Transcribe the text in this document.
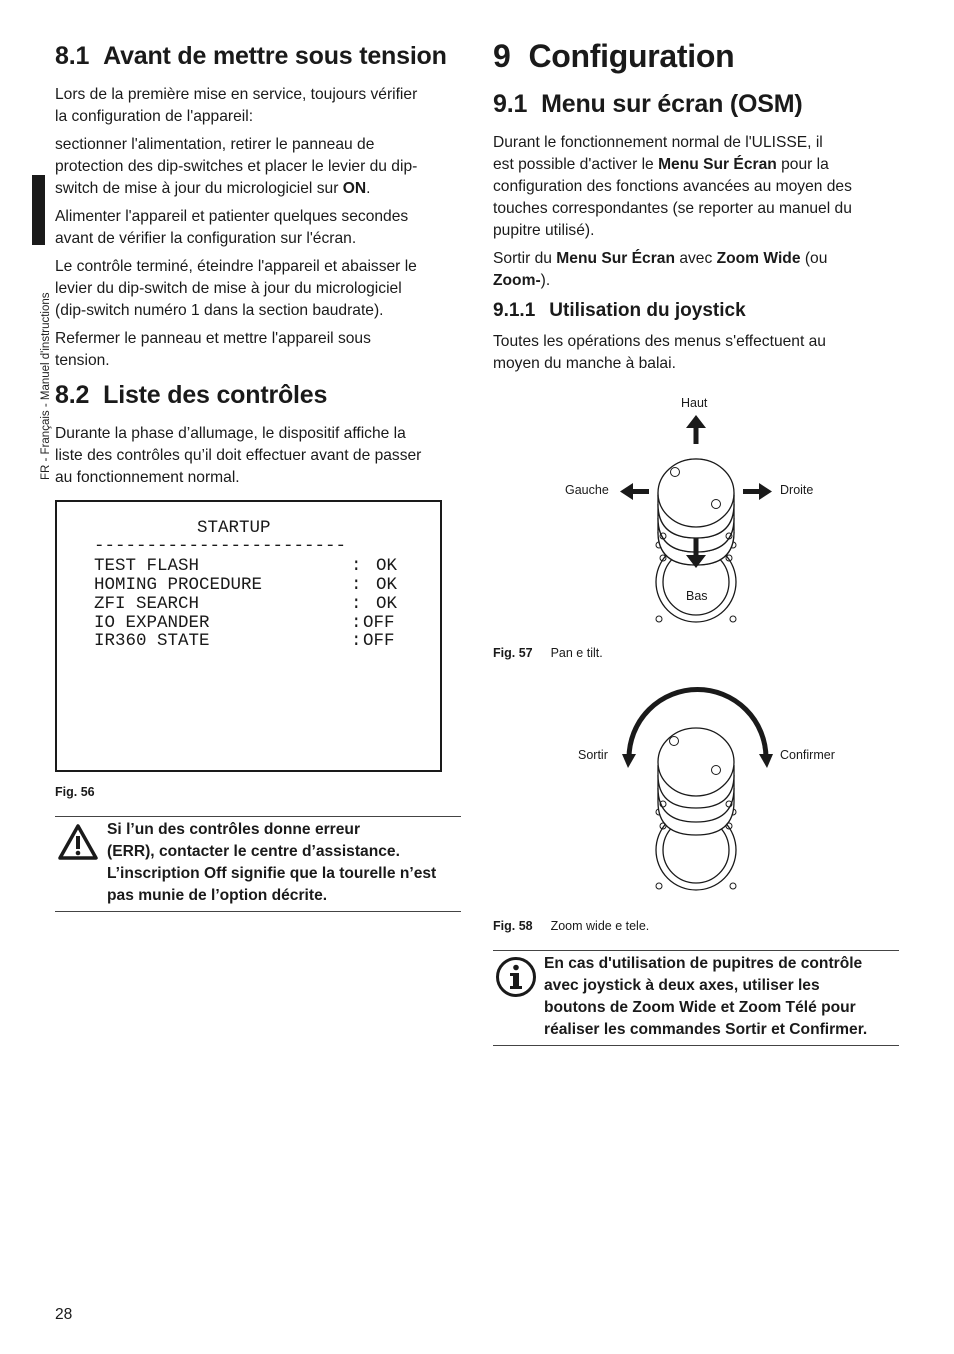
FR - Français - Manuel d'instructions
8.1 Avant de mettre sous tension

Lors de la première mise en service, toujours vérifier
la configuration de l'appareil:

sectionner l'alimentation, retirer le panneau de
protection des dip-switches et placer le levier du dip-
switch de mise à jour du micrologiciel sur ON.

Alimenter l'appareil et patienter quelques secondes
avant de vérifier la configuration sur l'écran.

Le contrôle terminé, éteindre l'appareil et abaisser le
levier du dip-switch de mise à jour du micrologiciel
(dip-switch numéro 1 dans la section baudrate).

Refermer le panneau et mettre l'appareil sous
tension.

8.2 Liste des contrôles

Durante la phase d’allumage, le dispositif affiche la
liste des contrôles qu’il doit effectuer avant de passer
au fonctionnement normal.

STARTUP
------------------------
TEST FLASH
HOMING PROCEDURE
ZFI SEARCH
IO EXPANDER
IR360 STATE
:
:
:
:
:
OK
OK
OK
OFF
OFF
Fig. 56
Si l’un des contrôles donne erreur
(ERR), contacter le centre d’assistance.
L’inscription Off signifie que la tourelle n’est
pas munie de l’option décrite.
28
9 Configuration
9.1 Menu sur écran (OSM)

Durant le fonctionnement normal de l'ULISSE, il
est possible d'activer le Menu Sur Écran pour la
configuration des fonctions avancées au moyen des
touches correspondantes (se reporter au manuel du
pupitre utilisé).

Sortir du Menu Sur Écran avec Zoom Wide (ou
Zoom-).

9.1.1 Utilisation du joystick

Toutes les opérations des menus s'effectuent au
moyen du manche à balai.

Haut
Gauche	Droite
Bas
Fig. 57 Pan e tilt.
Sortir	Confirmer
Fig. 58 Zoom wide e tele.
En cas d'utilisation de pupitres de contrôle
avec joystick à deux axes, utiliser les
boutons de Zoom Wide et Zoom Télé pour
réaliser les commandes Sortir et Confirmer.
